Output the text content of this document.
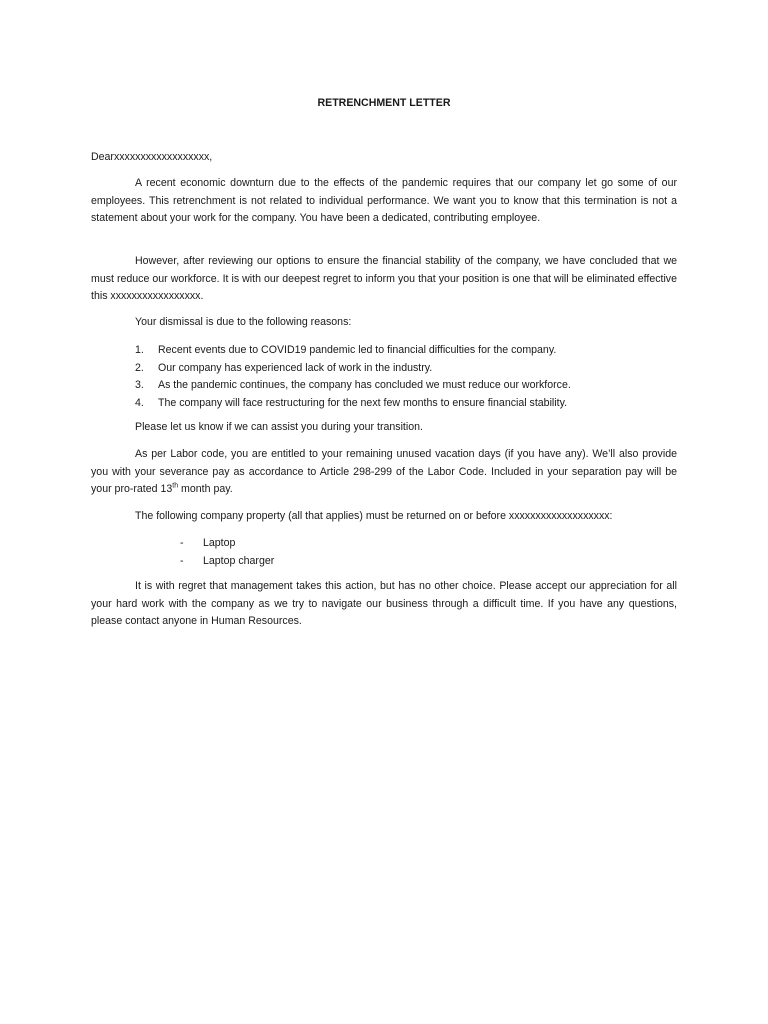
RETRENCHMENT LETTER
Dearxxxxxxxxxxxxxxxxxx,
A recent economic downturn due to the effects of the pandemic requires that our company let go some of our employees. This retrenchment is not related to individual performance. We want you to know that this termination is not a statement about your work for the company. You have been a dedicated, contributing employee.
However, after reviewing our options to ensure the financial stability of the company, we have concluded that we must reduce our workforce. It is with our deepest regret to inform you that your position is one that will be eliminated effective this xxxxxxxxxxxxxxxxx.
Your dismissal is due to the following reasons:
1.	Recent events due to COVID19 pandemic led to financial difficulties for the company.
2.	Our company has experienced lack of work in the industry.
3.	As the pandemic continues, the company has concluded we must reduce our workforce.
4.	The company will face restructuring for the next few months to ensure financial stability.
Please let us know if we can assist you during your transition.
As per Labor code, you are entitled to your remaining unused vacation days (if you have any). We’ll also provide you with your severance pay as accordance to Article 298-299 of the Labor Code. Included in your separation pay will be your pro-rated 13th month pay.
The following company property (all that applies) must be returned on or before xxxxxxxxxxxxxxxxxxx:
-	Laptop
-	Laptop charger
It is with regret that management takes this action, but has no other choice. Please accept our appreciation for all your hard work with the company as we try to navigate our business through a difficult time. If you have any questions, please contact anyone in Human Resources.
